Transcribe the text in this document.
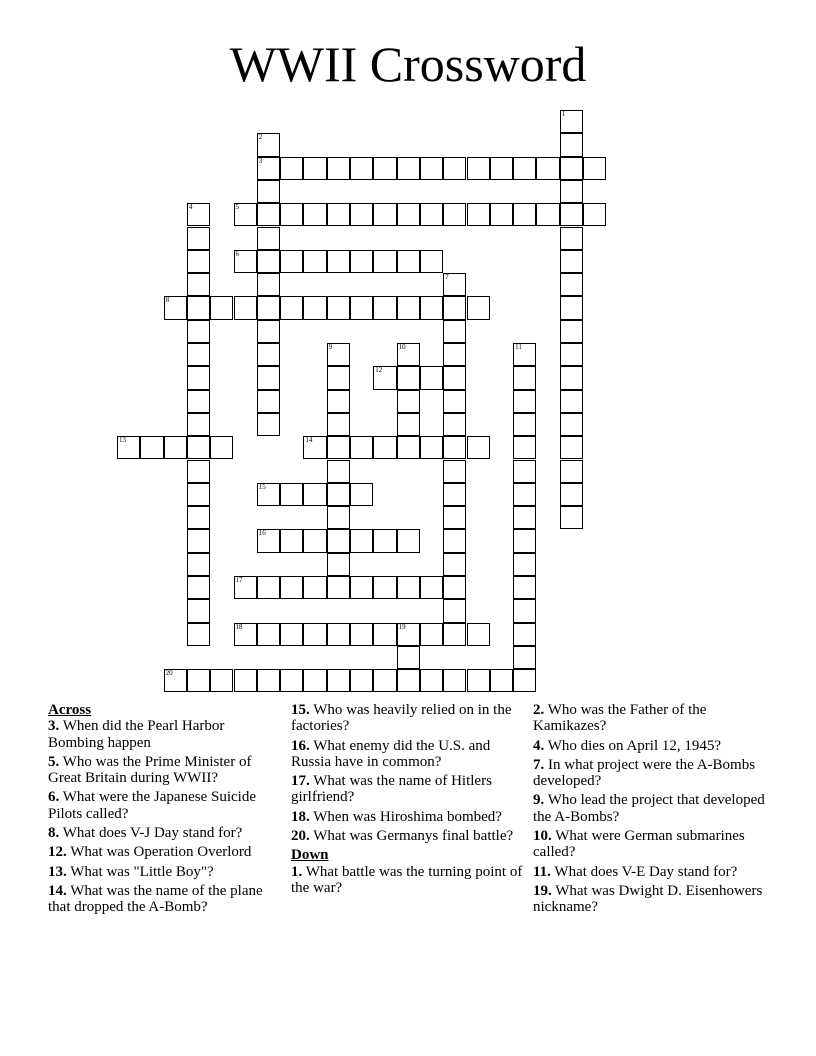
WWII Crossword
1
2
3
4	5
6
7
8
9	10	11
12
13	14
15
16
17
18	19
20
Across
3. When did the Pearl Harbor Bombing happen
5. Who was the Prime Minister of Great Britain during WWII?
6. What were the Japanese Suicide Pilots called?
8. What does V-J Day stand for?
12. What was Operation Overlord
13. What was "Little Boy"?
14. What was the name of the plane that dropped the A-Bomb?
15. Who was heavily relied on in the factories?
16. What enemy did the U.S. and Russia have in common?
17. What was the name of Hitlers girlfriend?
18. When was Hiroshima bombed?
20. What was Germanys final battle?
Down
1. What battle was the turning point of the war?
2. Who was the Father of the Kamikazes?
4. Who dies on April 12, 1945?
7. In what project were the A-Bombs developed?
9. Who lead the project that developed the A-Bombs?
10. What were German submarines called?
11. What does V-E Day stand for?
19. What was Dwight D. Eisenhowers nickname?
